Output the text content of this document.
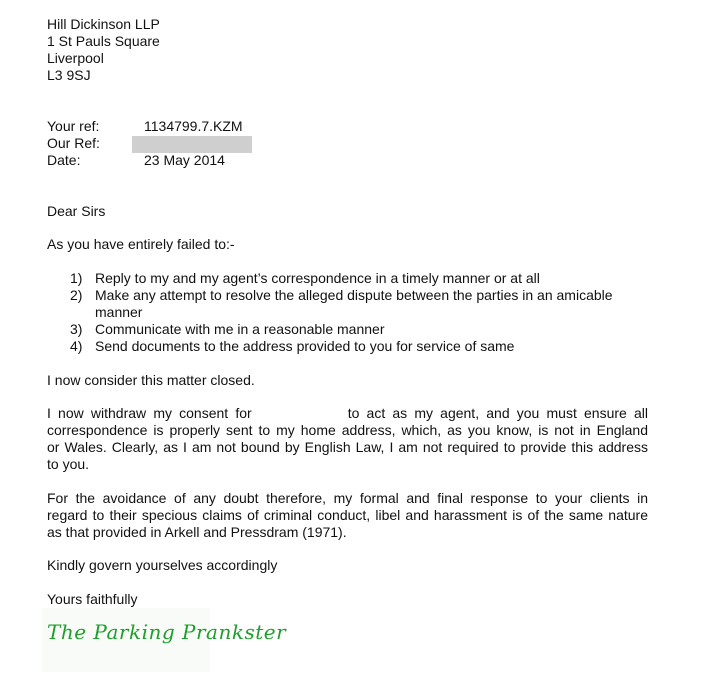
Hill Dickinson LLP
1 St Pauls Square
Liverpool
L3 9SJ
Your ref:	1134799.7.KZM
Our Ref:
Date:	23 May 2014
Dear Sirs
As you have entirely failed to:-
1) Reply to my and my agent’s correspondence in a timely manner or at all
2) Make any attempt to resolve the alleged dispute between the parties in an amicable
manner
3) Communicate with me in a reasonable manner
4) Send documents to the address provided to you for service of same
I now consider this matter closed.
I now withdraw my consent for	to act as my agent, and you must ensure all
correspondence is properly sent to my home address, which, as you know, is not in England
or Wales. Clearly, as I am not bound by English Law, I am not required to provide this address
to you.
For the avoidance of any doubt therefore, my formal and final response to your clients in
regard to their specious claims of criminal conduct, libel and harassment is of the same nature
as that provided in Arkell and Pressdram (1971).
Kindly govern yourselves accordingly
Yours faithfully
The Parking Prankster
